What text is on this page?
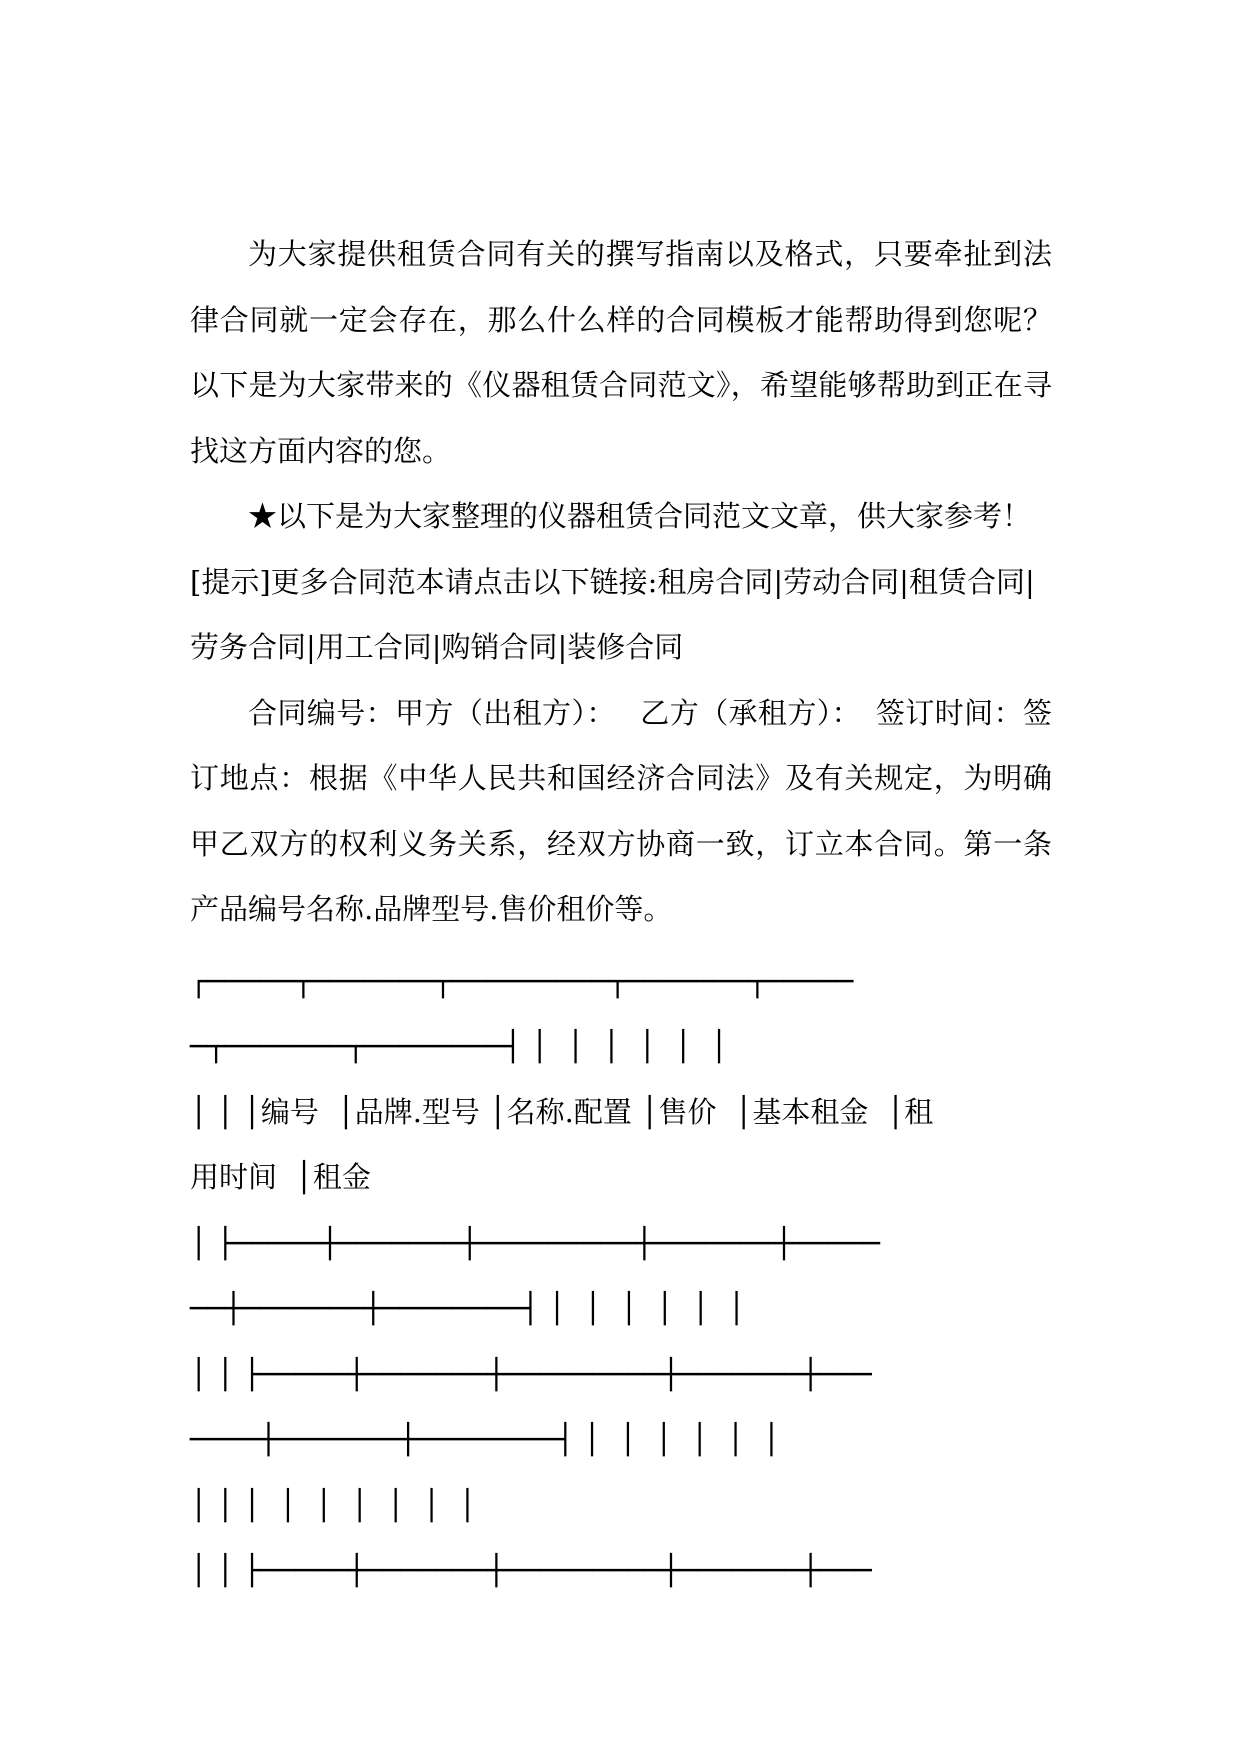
为大家提供租赁合同有关的撰写指南以及格式，只要牵扯到法律合同就一定会存在，那么什么样的合同模板才能帮助得到您呢？以下是为大家带来的《仪器租赁合同范文》，希望能够帮助到正在寻找这方面内容的您。

★以下是为大家整理的仪器租赁合同范文文章，供大家参考！

[提示]更多合同范本请点击以下链接:租房合同|劳动合同|租赁合同|

劳务合同|用工合同|购销合同|装修合同

合同编号：甲方（出租方）：　 乙方（承租方）：　签订时间：签订地点：根据《中华人民共和国经济合同法》及有关规定，为明确甲乙双方的权利义务关系，经双方协商一致，订立本合同。第一条　产品编号名称.品牌型号.售价租价等。

┌─────┬───────┬─────────┬───────┬─────
─┬───────┬────────┤ │  │  │  │  │  │
│ │ │编号  │品牌.型号 │名称.配置 │售价  │基本租金  │租
用时间  │租金
│ ├─────┼───────┼─────────┼───────┼─────
──┼───────┼────────┤ │  │  │  │  │  │
│ │ ├─────┼───────┼─────────┼───────┼───
────┼───────┼────────┤ │  │  │  │  │  │
│ │ │  │  │  │  │  │  │
│ │ ├─────┼───────┼─────────┼───────┼───
